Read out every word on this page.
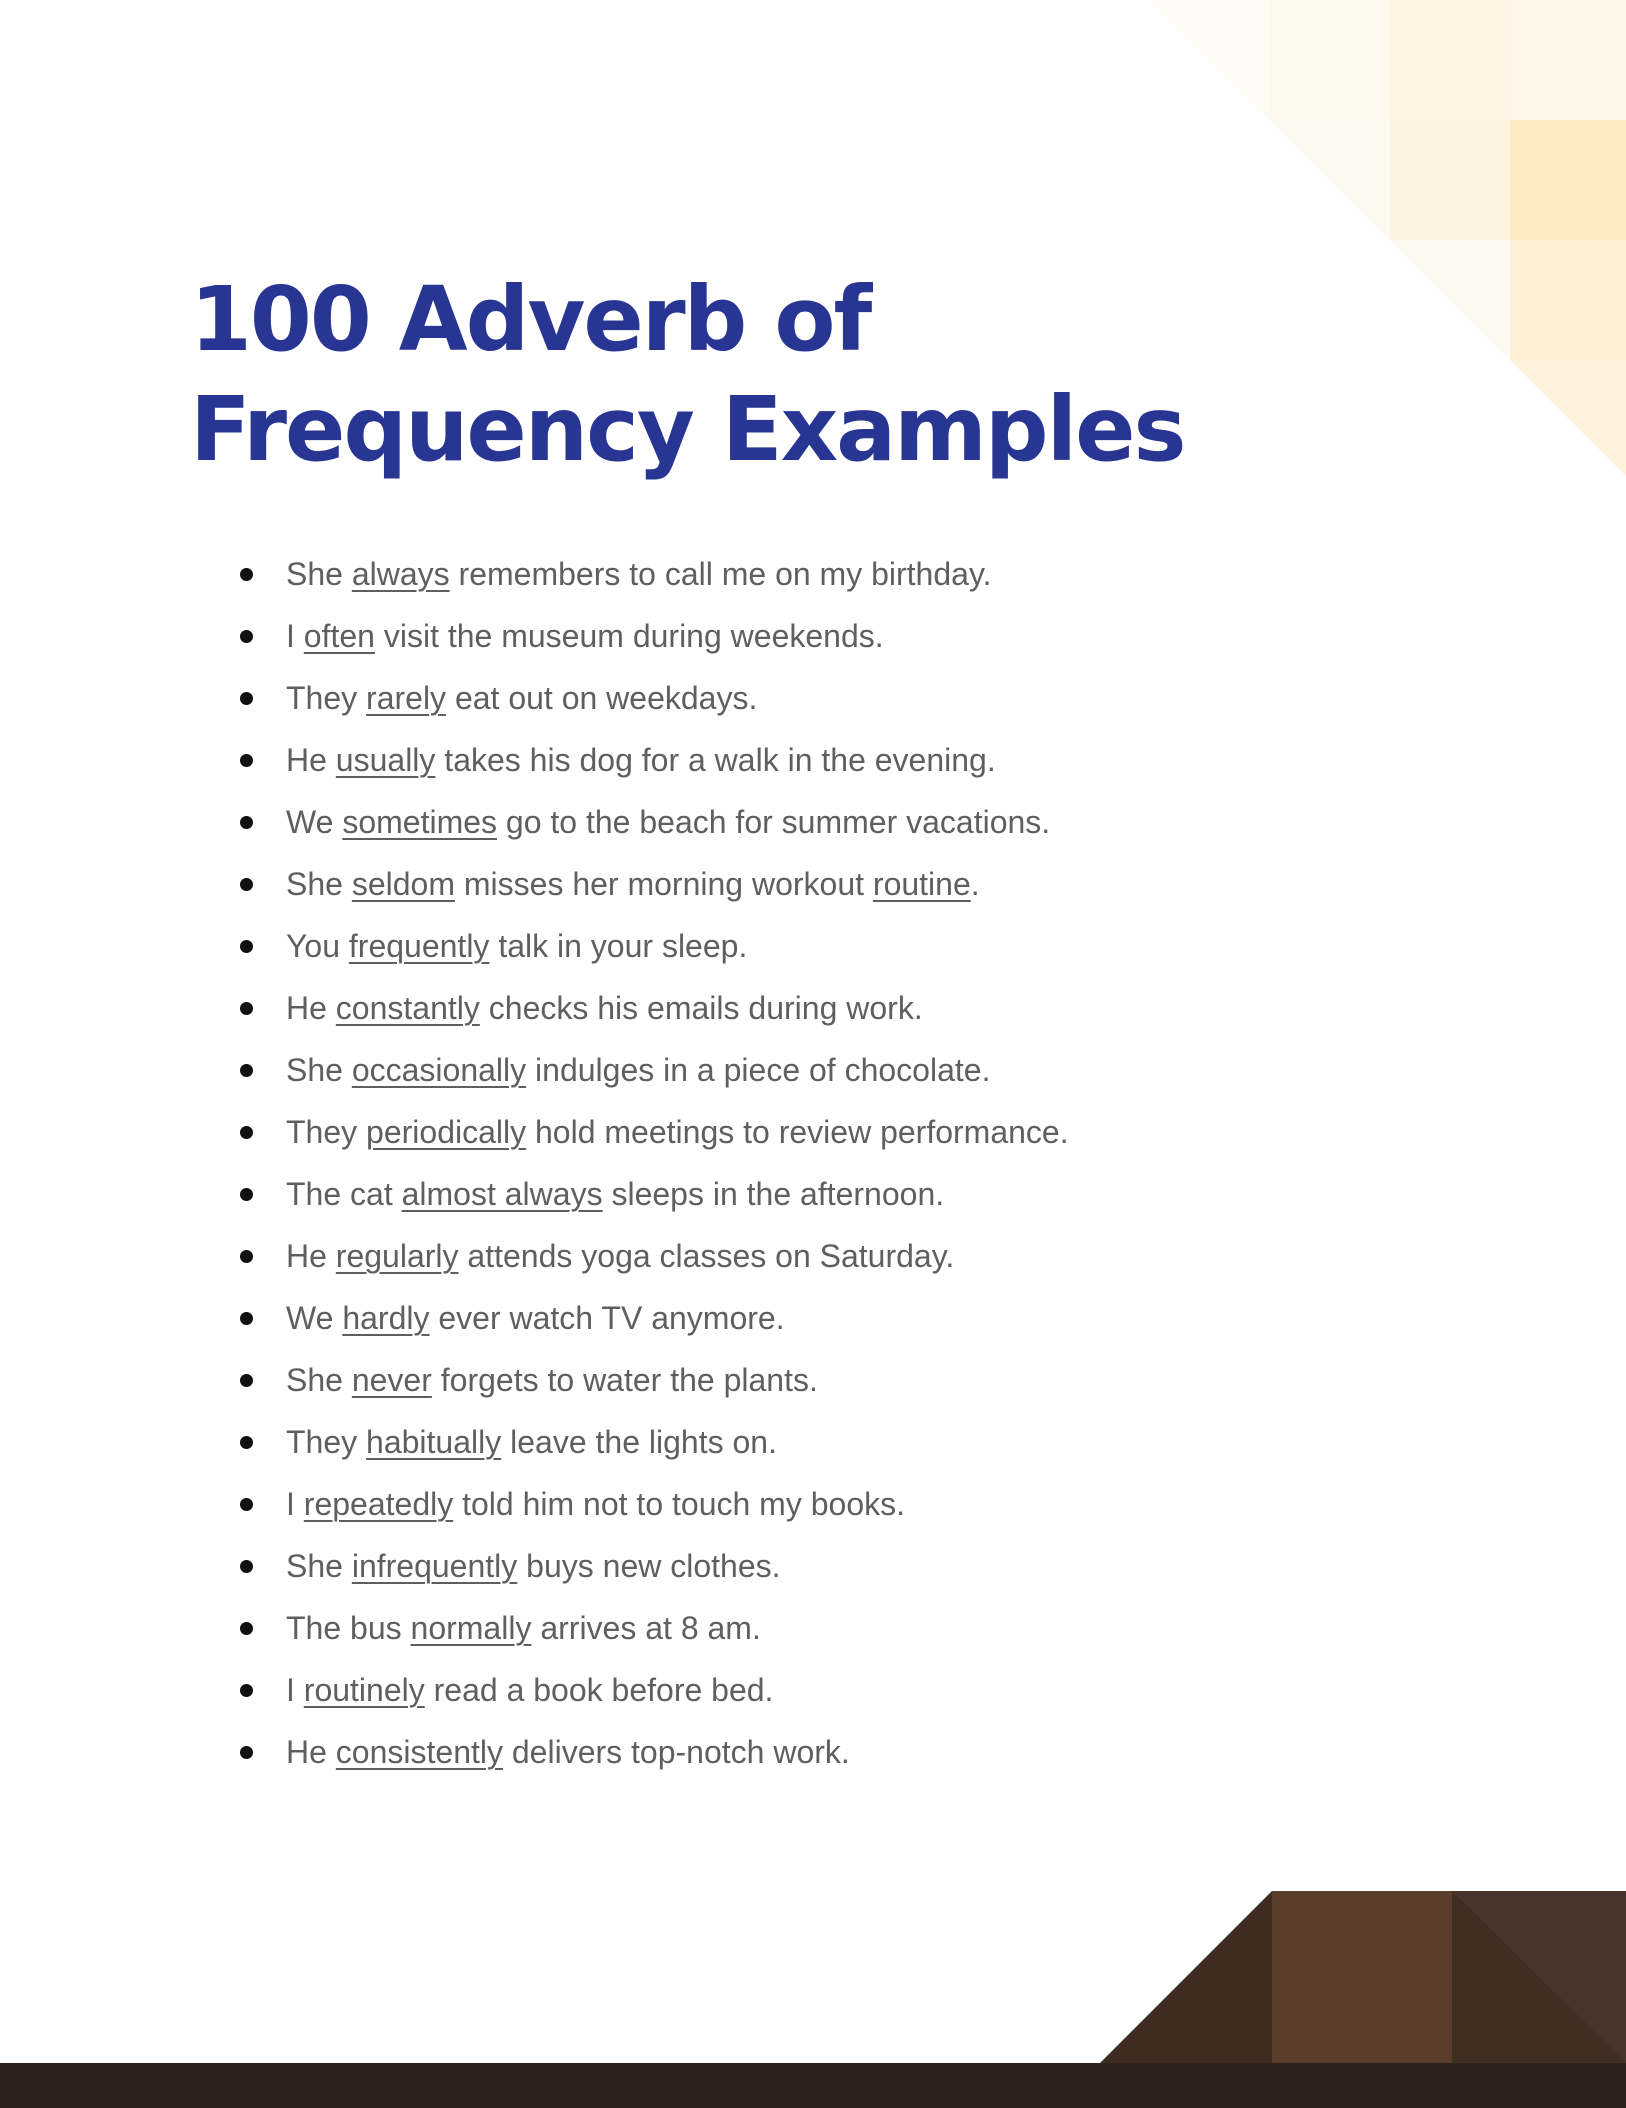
100 Adverb of Frequency Examples
She always remembers to call me on my birthday.
I often visit the museum during weekends.
They rarely eat out on weekdays.
He usually takes his dog for a walk in the evening.
We sometimes go to the beach for summer vacations.
She seldom misses her morning workout routine.
You frequently talk in your sleep.
He constantly checks his emails during work.
She occasionally indulges in a piece of chocolate.
They periodically hold meetings to review performance.
The cat almost always sleeps in the afternoon.
He regularly attends yoga classes on Saturday.
We hardly ever watch TV anymore.
She never forgets to water the plants.
They habitually leave the lights on.
I repeatedly told him not to touch my books.
She infrequently buys new clothes.
The bus normally arrives at 8 am.
I routinely read a book before bed.
He consistently delivers top-notch work.
